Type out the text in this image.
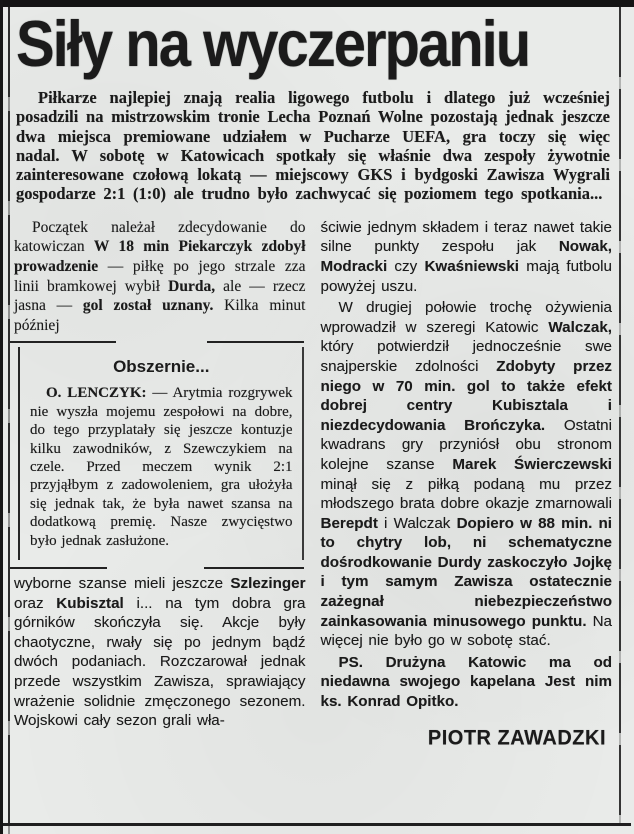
Siły na wyczerpaniu
Piłkarze najlepiej znają realia ligowego futbolu i dlatego już wcześniej posadzili na mistrzowskim tronie Lecha Poznań Wolne pozostają jednak jeszcze dwa miejsca premiowane udziałem w Pucharze UEFA, gra toczy się więc nadal. W sobotę w Katowicach spotkały się właśnie dwa zespoły żywotnie zainteresowane czołową lokatą — miejscowy GKS i bydgoski Zawisza Wygrali gospodarze 2:1 (1:0) ale trudno było zachwycać się poziomem tego spotkania...

Początek należał zdecydowanie do katowiczan W 18 min Piekarczyk zdobył prowadzenie — piłkę po jego strzale zza linii bramkowej wybił Durda, ale — rzecz jasna — gol został uznany. Kilka minut później

Obszernie...
O. LENCZYK: — Arytmia rozgrywek nie wyszła mojemu zespołowi na dobre, do tego przyplatały się jeszcze kontuzje kilku zawodników, z Szewczykiem na czele. Przed meczem wynik 2:1 przyjąłbym z zadowoleniem, gra ułożyła się jednak tak, że była nawet szansa na dodatkową premię. Nasze zwycięstwo było jednak zasłużone.

wyborne szanse mieli jeszcze Szlezinger oraz Kubisztal i... na tym dobra gra górników skończyła się. Akcje były chaotyczne, rwały się po jednym bądź dwóch podaniach. Rozczarował jednak przede wszystkim Zawisza, sprawiający wrażenie solidnie zmęczonego sezonem. Wojskowi cały sezon grali wła-

ściwie jednym składem i teraz nawet takie silne punkty zespołu jak Nowak, Modracki czy Kwaśniewski mają futbolu powyżej uszu.

W drugiej połowie trochę ożywienia wprowadził w szeregi Katowic Walczak, który potwierdził jednocześnie swe snajperskie zdolności Zdobyty przez niego w 70 min. gol to także efekt dobrej centry Kubisztala i niezdecydowania Brończyka. Ostatni kwadrans gry przyniósł obu stronom kolejne szanse Marek Świerczewski minął się z piłką podaną mu przez młodszego brata dobre okazje zmarnowali Berepdt i Walczak Dopiero w 88 min. ni to chytry lob, ni schematyczne dośrodkowanie Durdy zaskoczyło Jojkę i tym samym Zawisza ostatecznie zażegnał niebezpieczeństwo zainkasowania minusowego punktu. Na więcej nie było go w sobotę stać.

PS. Drużyna Katowic ma od niedawna swojego kapelana Jest nim ks. Konrad Opitko.

PIOTR ZAWADZKI
